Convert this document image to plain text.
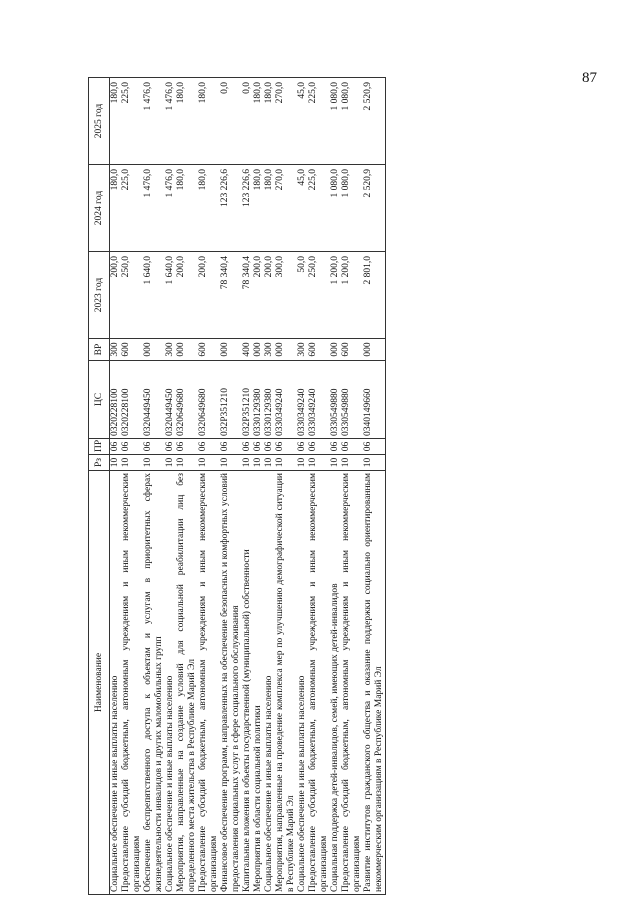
87
Наименование	Рз	ПР	ЦС	ВР	2023 год	2024 год	2025 год
Социальное обеспечение и иные выплаты населению	10	06	0320228100	300	200,0	180,0	180,0
Предоставление субсидий бюджетным, автономным учреждениям и иным некоммерческим организациям	10	06	0320228100	600	250,0	225,0	225,0
Обеспечение беспрепятственного доступа к объектам и услугам в приоритетных сферах жизнедеятельности инвалидов и других маломобильных групп	10	06	0320449450	000	1 640,0	1 476,0	1 476,0
Социальное обеспечение и иные выплаты населению	10	06	0320449450	300	1 640,0	1 476,0	1 476,0
Мероприятия, направленные на создание условий для социальной реабилитации лиц без определенного места жительства в Республике Марий Эл	10	06	0320649680	000	200,0	180,0	180,0
Предоставление субсидий бюджетным, автономным учреждениям и иным некоммерческим организациям	10	06	0320649680	600	200,0	180,0	180,0
Финансовое обеспечение программ, направленных на обеспечение безопасных и комфортных условий предоставления социальных услуг в сфере социального обслуживания	10	06	032P351210	000	78 340,4	123 226,6	0,0
Капитальные вложения в объекты государственной (муниципальной) собственности	10	06	032P351210	400	78 340,4	123 226,6	0,0
Мероприятия в области социальной политики	10	06	0330129380	000	200,0	180,0	180,0
Социальное обеспечение и иные выплаты населению	10	06	0330129380	300	200,0	180,0	180,0
Мероприятия, направленные на проведение комплекса мер по улучшению демографической ситуации в Республике Марий Эл	10	06	0330349240	000	300,0	270,0	270,0
Социальное обеспечение и иные выплаты населению	10	06	0330349240	300	50,0	45,0	45,0
Предоставление субсидий бюджетным, автономным учреждениям и иным некоммерческим организациям	10	06	0330349240	600	250,0	225,0	225,0
Социальная поддержка детей-инвалидов, семей, имеющих детей-инвалидов	10	06	0330549880	000	1 200,0	1 080,0	1 080,0
Предоставление субсидий бюджетным, автономным учреждениям и иным некоммерческим организациям	10	06	0330549880	600	1 200,0	1 080,0	1 080,0
Развитие институтов гражданского общества и оказание поддержки социально ориентированным некоммерческим организациям в Республике Марий Эл	10	06	0340149660	000	2 801,0	2 520,9	2 520,9
